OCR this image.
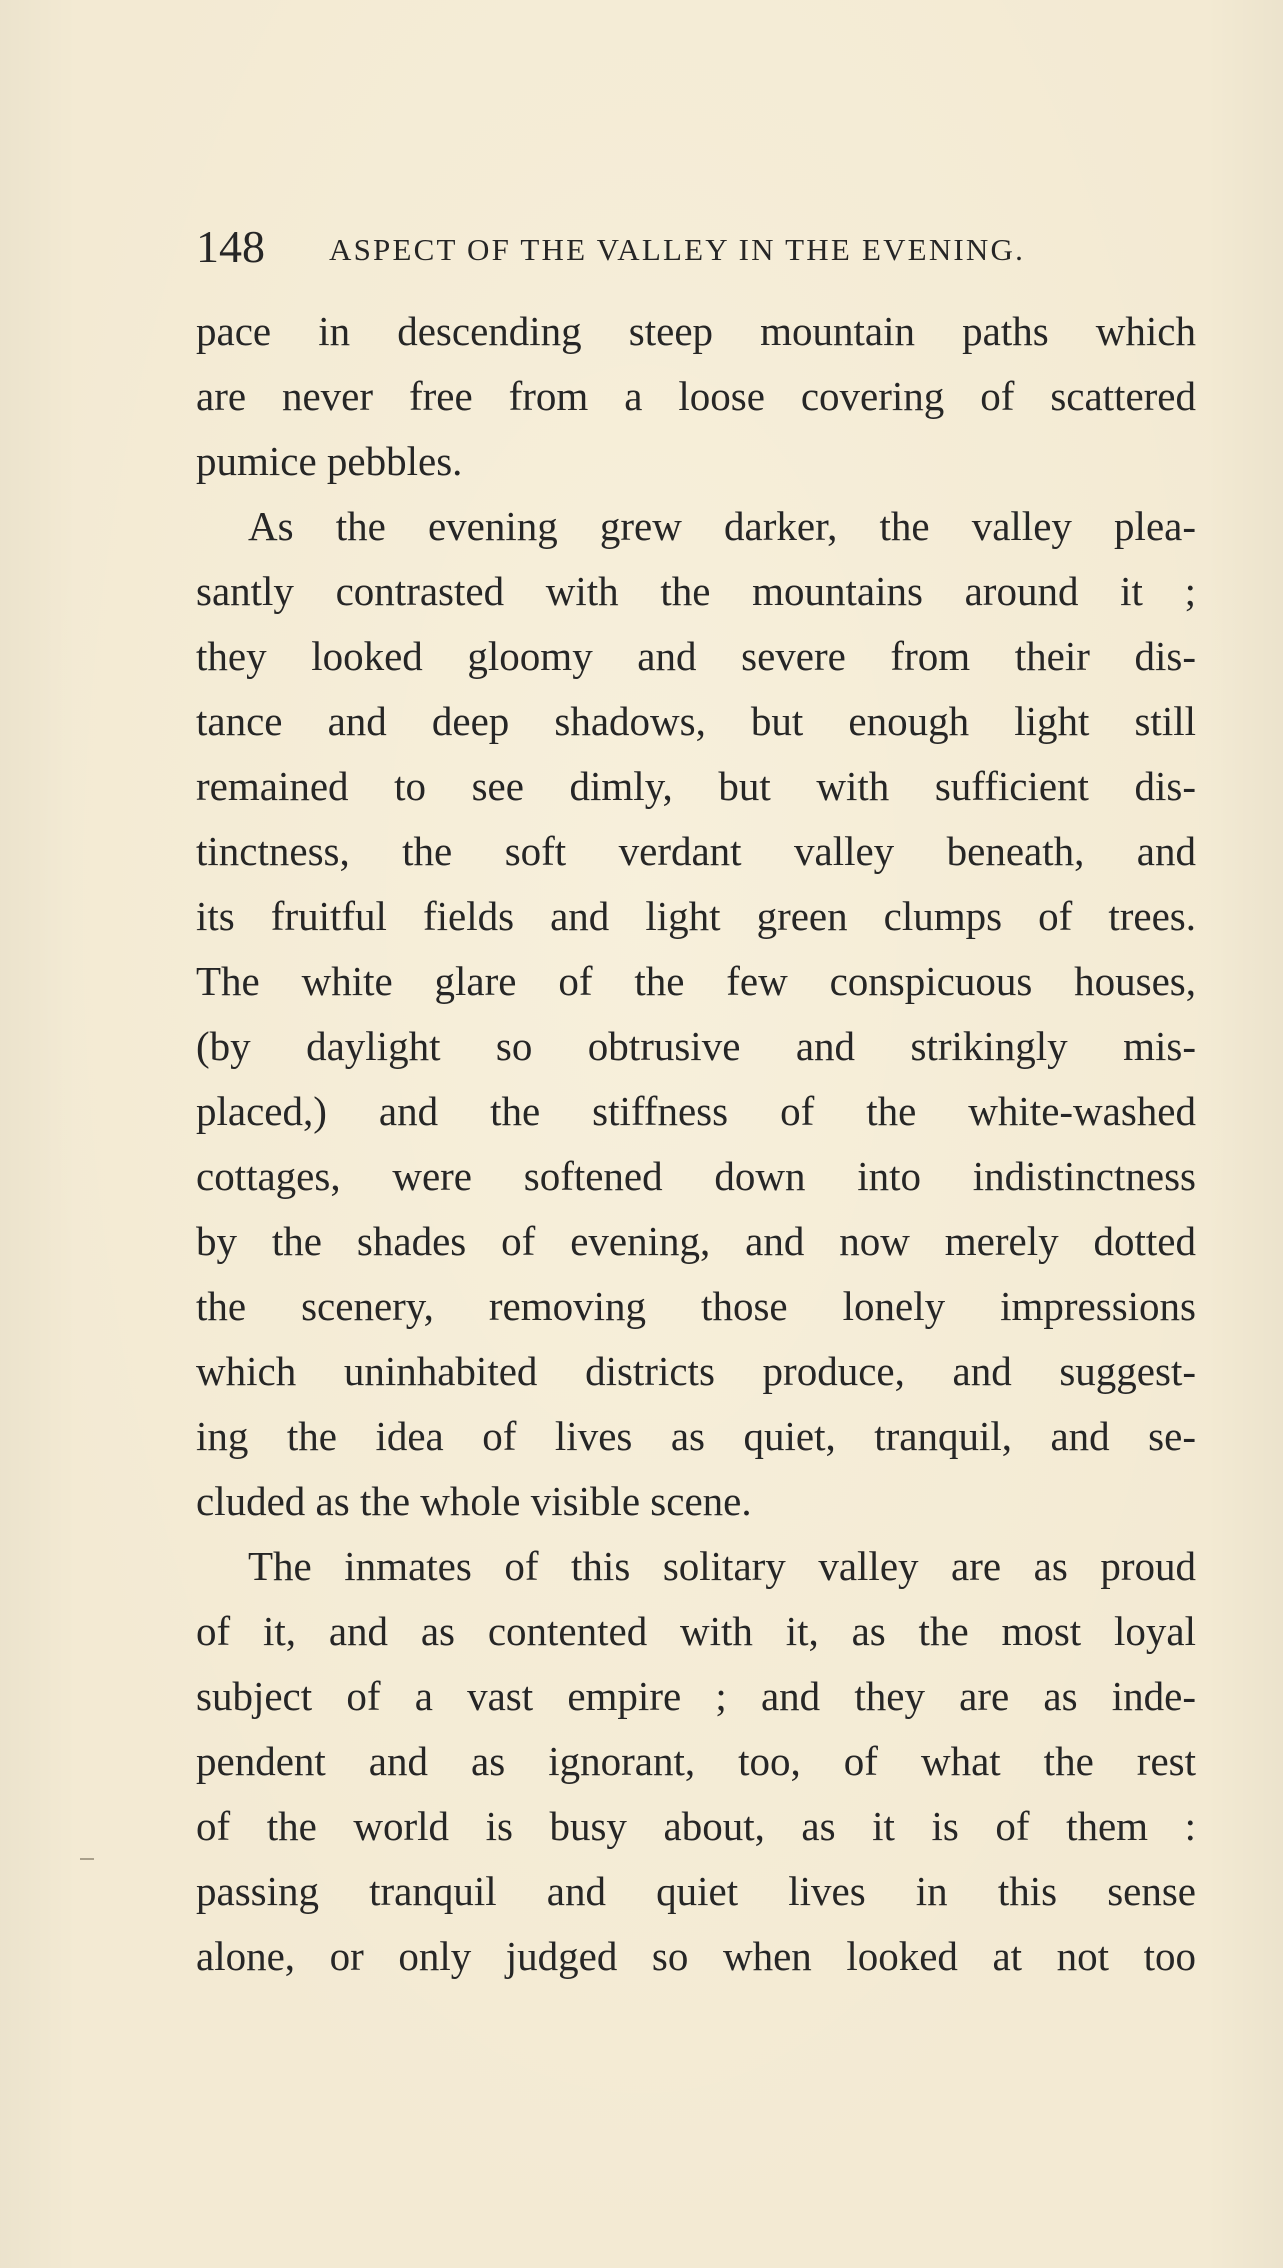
148 ASPECT OF THE VALLEY IN THE EVENING.
pace in descending steep mountain paths which
are never free from a loose covering of scattered
pumice pebbles.
As the evening grew darker, the valley plea-
santly contrasted with the mountains around it ;
they looked gloomy and severe from their dis-
tance and deep shadows, but enough light still
remained to see dimly, but with sufficient dis-
tinctness, the soft verdant valley beneath, and
its fruitful fields and light green clumps of trees.
The white glare of the few conspicuous houses,
(by daylight so obtrusive and strikingly mis-
placed,) and the stiffness of the white-washed
cottages, were softened down into indistinctness
by the shades of evening, and now merely dotted
the scenery, removing those lonely impressions
which uninhabited districts produce, and suggest-
ing the idea of lives as quiet, tranquil, and se-
cluded as the whole visible scene.
The inmates of this solitary valley are as proud
of it, and as contented with it, as the most loyal
subject of a vast empire ; and they are as inde-
pendent and as ignorant, too, of what the rest
of the world is busy about, as it is of them :
passing tranquil and quiet lives in this sense
alone, or only judged so when looked at not too
